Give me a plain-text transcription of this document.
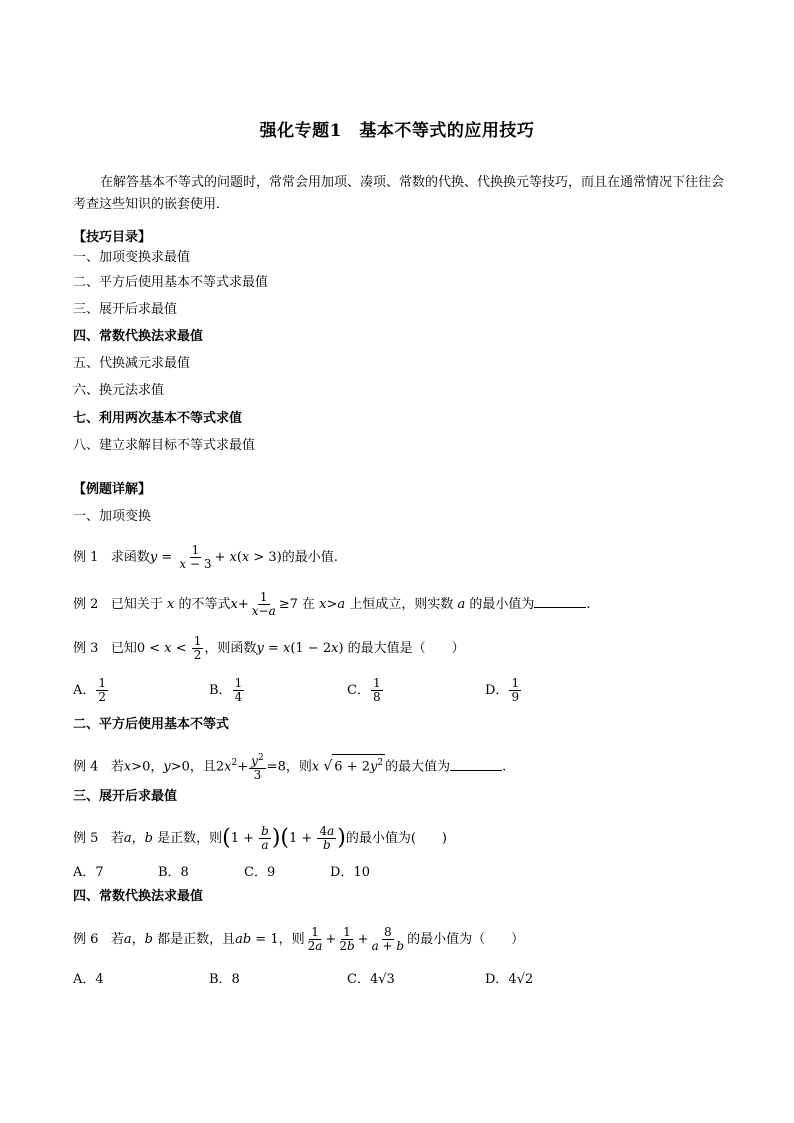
强化专题1　基本不等式的应用技巧
在解答基本不等式的问题时，常常会用加项、凑项、常数的代换、代换换元等技巧，而且在通常情况下往往会考查这些知识的嵌套使用．
【技巧目录】
一、加项变换求最值
二、平方后使用基本不等式求最值
三、展开后求最值
四、常数代换法求最值
五、代换减元求最值
六、换元法求值
七、利用两次基本不等式求值
八、建立求解目标不等式求最值
【例题详解】
一、加项变换
例 1 求函数$y = \frac{1}{x - 3} + x(x > 3)$的最小值.
例 2 已知关于 x 的不等式$x+ \frac{1}{x-a} \ge 7$ 在 x>a 上恒成立，则实数 a 的最小值为	.
例 3 已知$0 < x < \frac{1}{2}$ ，则函数y = x(1 − 2x) 的最大值是（　　）
A． $\frac{1}{2}$	B． $\frac{1}{4}$	C． $\frac{1}{8}$	D． $\frac{1}{9}$
二、平方后使用基本不等式
例 4 若x>0，y>0，且$2x^2+ \frac{y^2}{3} =8$，则x √ $6 + 2y^2$ 的最大值为	.
三、展开后求最值
例 5 若a，b 是正数，则$(1 + \frac{b}{a} )(1 + \frac{4a}{b}$ )的最小值为(　　)
A．7	B．8	C．9	D．10
四、常数代换法求最值
例 6 若a，b 都是正数，且ab = 1，则 $\frac{1}{2a} + \frac{1}{2b} + \frac{8}{a + b}$ 的最小值为（　　）
A．4	B．8	C．4√3	D．4√2
